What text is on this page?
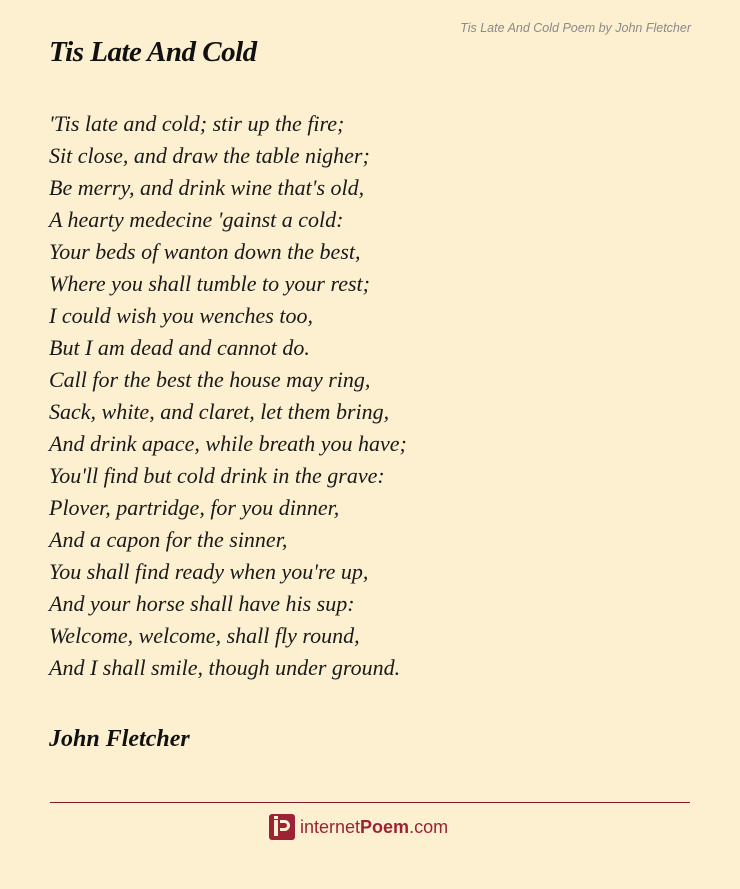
Tis Late And Cold Poem by John Fletcher
Tis Late And Cold
'Tis late and cold; stir up the fire;
Sit close, and draw the table nigher;
Be merry, and drink wine that's old,
A hearty medecine 'gainst a cold:
Your beds of wanton down the best,
Where you shall tumble to your rest;
I could wish you wenches too,
But I am dead and cannot do.
Call for the best the house may ring,
Sack, white, and claret, let them bring,
And drink apace, while breath you have;
You'll find but cold drink in the grave:
Plover, partridge, for you dinner,
And a capon for the sinner,
You shall find ready when you're up,
And your horse shall have his sup:
Welcome, welcome, shall fly round,
And I shall smile, though under ground.
John Fletcher
internetPoem.com
